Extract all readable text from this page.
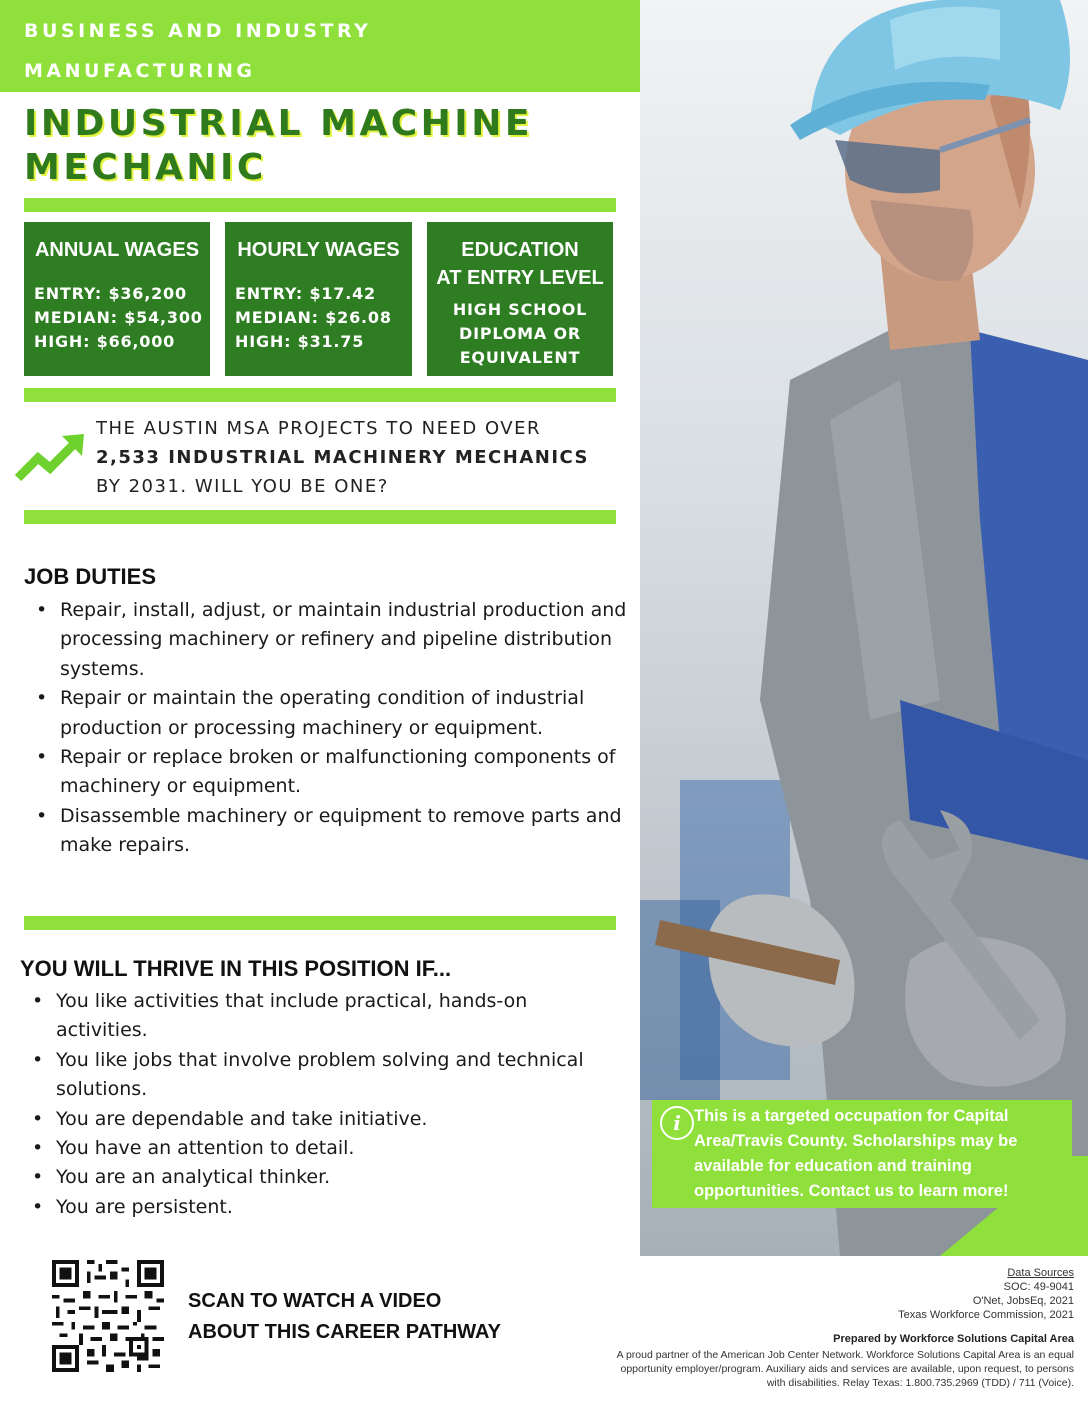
BUSINESS AND INDUSTRY
MANUFACTURING
INDUSTRIAL MACHINE
MECHANIC
ANNUAL WAGES
ENTRY: $36,200
MEDIAN: $54,300
HIGH: $66,000
HOURLY WAGES
ENTRY: $17.42
MEDIAN: $26.08
HIGH: $31.75
EDUCATION
AT ENTRY LEVEL
HIGH SCHOOL
DIPLOMA OR
EQUIVALENT
THE AUSTIN MSA PROJECTS TO NEED OVER
2,533 INDUSTRIAL MACHINERY MECHANICS
BY 2031. WILL YOU BE ONE?
JOB DUTIES
• Repair, install, adjust, or maintain industrial production and processing machinery or refinery and pipeline distribution systems.
• Repair or maintain the operating condition of industrial production or processing machinery or equipment.
• Repair or replace broken or malfunctioning components of machinery or equipment.
• Disassemble machinery or equipment to remove parts and make repairs.
YOU WILL THRIVE IN THIS POSITION IF...
• You like activities that include practical, hands-on activities.
• You like jobs that involve problem solving and technical solutions.
• You are dependable and take initiative.
• You have an attention to detail.
• You are an analytical thinker.
• You are persistent.
i This is a targeted occupation for Capital Area/Travis County. Scholarships may be available for education and training opportunities. Contact us to learn more!
SCAN TO WATCH A VIDEO
ABOUT THIS CAREER PATHWAY
Data Sources
SOC: 49-9041
O'Net, JobsEq, 2021
Texas Workforce Commission, 2021
Prepared by Workforce Solutions Capital Area
A proud partner of the American Job Center Network. Workforce Solutions Capital Area is an equal opportunity employer/program. Auxiliary aids and services are available, upon request, to persons with disabilities. Relay Texas: 1.800.735.2969 (TDD) / 711 (Voice).
